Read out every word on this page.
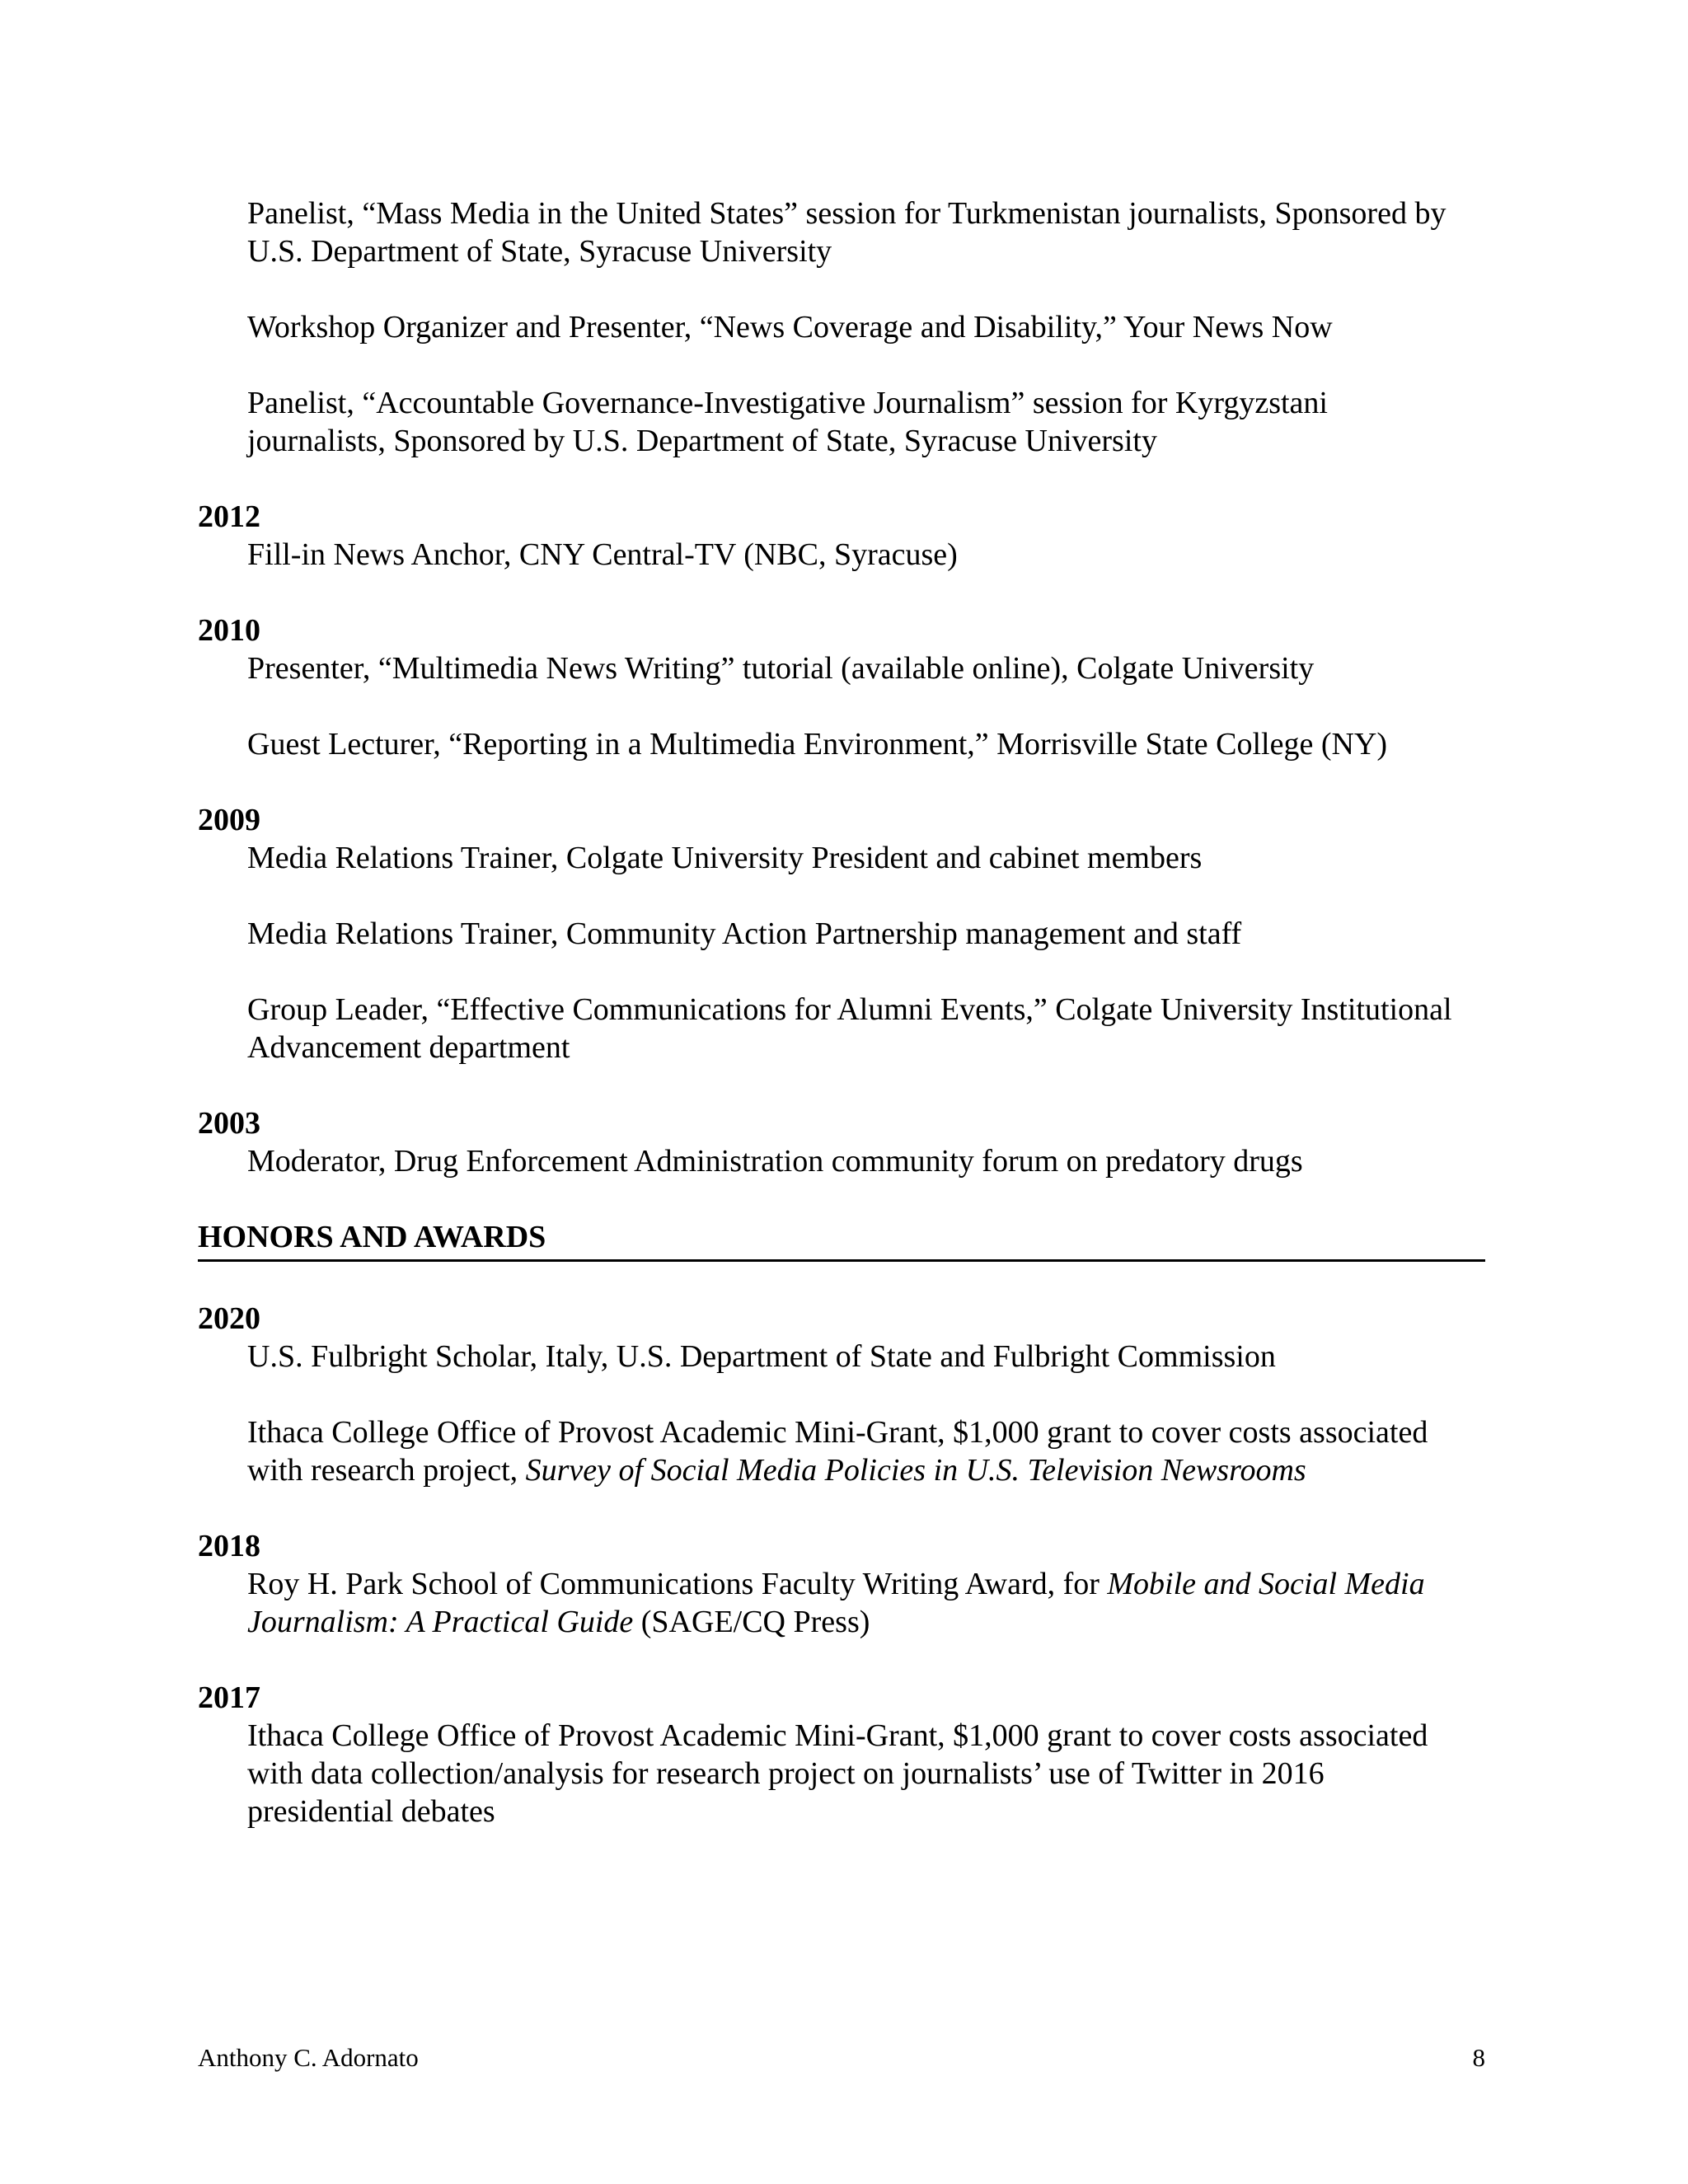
Panelist, “Mass Media in the United States” session for Turkmenistan journalists, Sponsored by U.S. Department of State, Syracuse University

Workshop Organizer and Presenter, “News Coverage and Disability,” Your News Now

Panelist, “Accountable Governance-Investigative Journalism” session for Kyrgyzstani journalists, Sponsored by U.S. Department of State, Syracuse University

2012

Fill-in News Anchor, CNY Central-TV (NBC, Syracuse)

2010

Presenter, “Multimedia News Writing” tutorial (available online), Colgate University

Guest Lecturer, “Reporting in a Multimedia Environment,” Morrisville State College (NY)

2009

Media Relations Trainer, Colgate University President and cabinet members

Media Relations Trainer, Community Action Partnership management and staff

Group Leader, “Effective Communications for Alumni Events,” Colgate University Institutional Advancement department

2003

Moderator, Drug Enforcement Administration community forum on predatory drugs

HONORS AND AWARDS

2020

U.S. Fulbright Scholar, Italy, U.S. Department of State and Fulbright Commission

Ithaca College Office of Provost Academic Mini-Grant, $1,000 grant to cover costs associated with research project, Survey of Social Media Policies in U.S. Television Newsrooms

2018

Roy H. Park School of Communications Faculty Writing Award, for Mobile and Social Media Journalism: A Practical Guide (SAGE/CQ Press)

2017

Ithaca College Office of Provost Academic Mini-Grant, $1,000 grant to cover costs associated with data collection/analysis for research project on journalists’ use of Twitter in 2016 presidential debates

Anthony C. Adornato	8
